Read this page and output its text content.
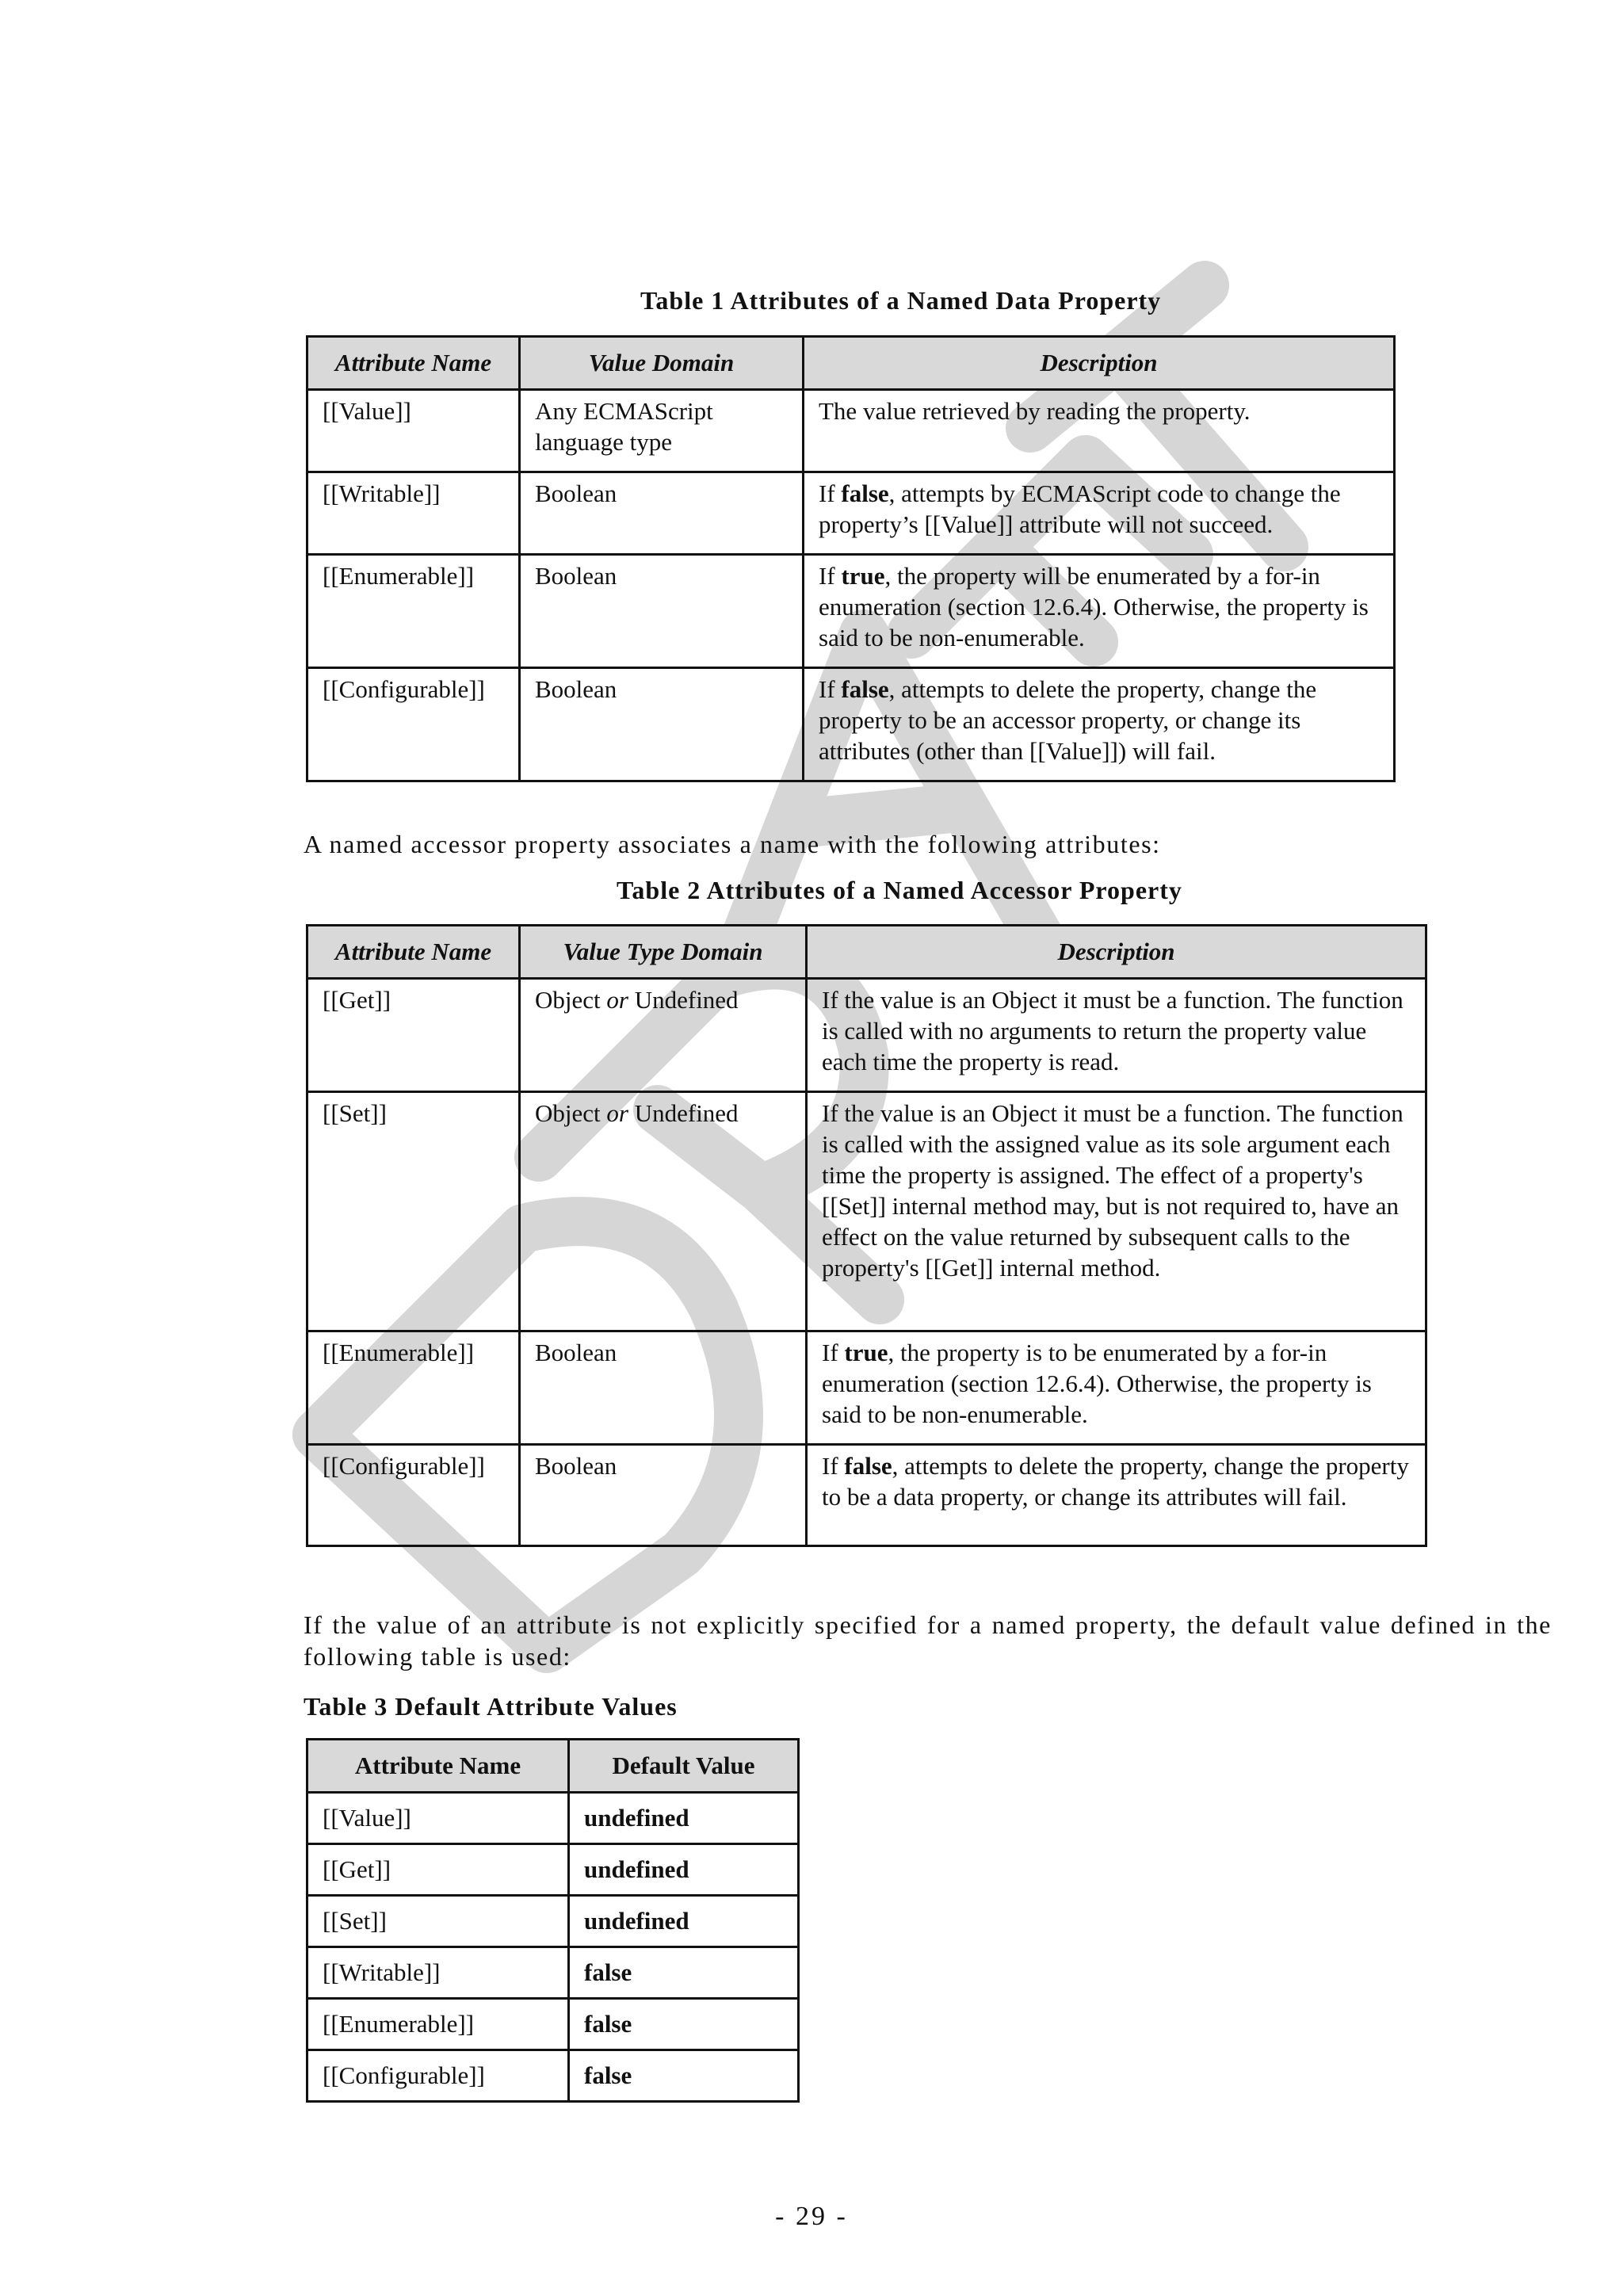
Table 1 Attributes of a Named Data Property
Attribute Name	Value Domain	Description
[[Value]]	Any ECMAScript language type	The value retrieved by reading the property.
[[Writable]]	Boolean	If false, attempts by ECMAScript code to change the property’s [[Value]] attribute will not succeed.
[[Enumerable]]	Boolean	If true, the property will be enumerated by a for-in enumeration (section 12.6.4). Otherwise, the property is said to be non-enumerable.
[[Configurable]]	Boolean	If false, attempts to delete the property, change the property to be an accessor property, or change its attributes (other than [[Value]]) will fail.
A named accessor property associates a name with the following attributes:
Table 2 Attributes of a Named Accessor Property
Attribute Name	Value Type Domain	Description
[[Get]]	Object or Undefined	If the value is an Object it must be a function. The function is called with no arguments to return the property value each time the property is read.
[[Set]]	Object or Undefined	If the value is an Object it must be a function. The function is called with the assigned value as its sole argument each time the property is assigned. The effect of a property's [[Set]] internal method may, but is not required to, have an effect on the value returned by subsequent calls to the property's [[Get]] internal method.
[[Enumerable]]	Boolean	If true, the property is to be enumerated by a for-in enumeration (section 12.6.4). Otherwise, the property is said to be non-enumerable.
[[Configurable]]	Boolean	If false, attempts to delete the property, change the property to be a data property, or change its attributes will fail.
If the value of an attribute is not explicitly specified for a named property, the default value defined in the following table is used:
Table 3 Default Attribute Values
Attribute Name	Default Value
[[Value]]	undefined
[[Get]]	undefined
[[Set]]	undefined
[[Writable]]	false
[[Enumerable]]	false
[[Configurable]]	false
- 29 -
